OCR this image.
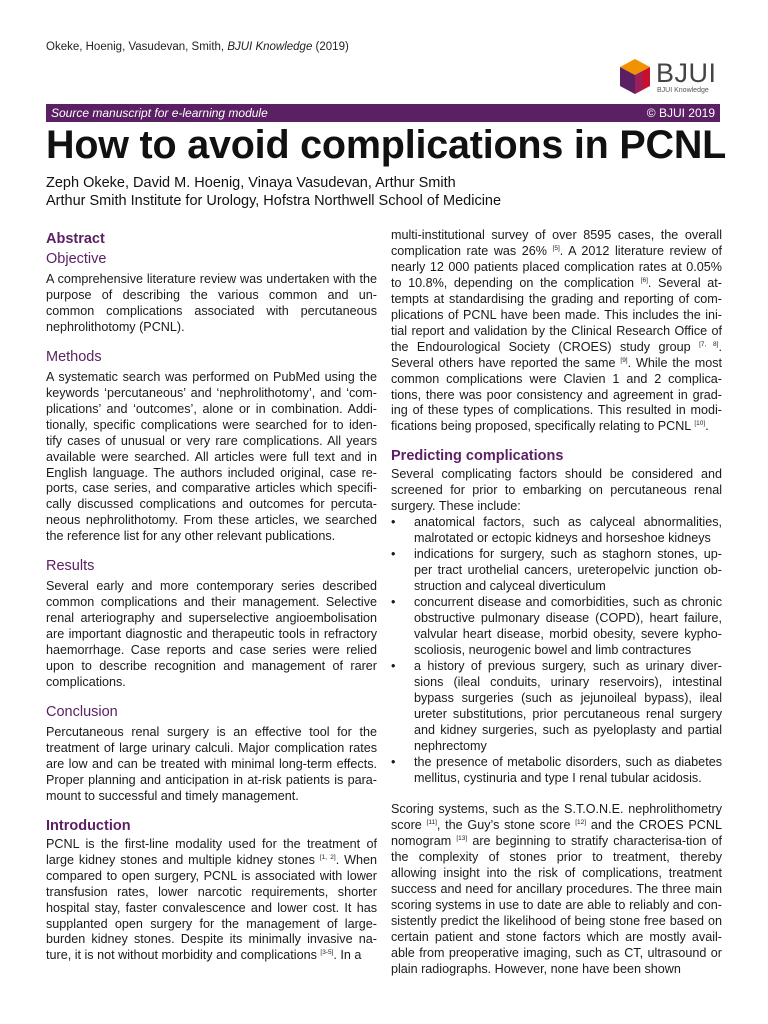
Okeke, Hoenig, Vasudevan, Smith, BJUI Knowledge (2019)
BJUI
BJUI Knowledge
Source manuscript for e-learning module	© BJUI 2019
How to avoid complications in PCNL
Zeph Okeke, David M. Hoenig, Vinaya Vasudevan, Arthur Smith
Arthur Smith Institute for Urology, Hofstra Northwell School of Medicine
Abstract
Objective

A comprehensive literature review was undertaken with the purpose of describing the various common and un-common complications associated with percutaneous nephrolithotomy (PCNL).

Methods

A systematic search was performed on PubMed using the keywords ‘percutaneous’ and ‘nephrolithotomy’, and ‘com-plications’ and ‘outcomes’, alone or in combination. Addi-tionally, specific complications were searched for to iden-tify cases of unusual or very rare complications. All years available were searched. All articles were full text and in English language. The authors included original, case re-ports, case series, and comparative articles which specifi-cally discussed complications and outcomes for percuta-neous nephrolithotomy. From these articles, we searched the reference list for any other relevant publications.

Results

Several early and more contemporary series described common complications and their management. Selective renal arteriography and superselective angioembolisation are important diagnostic and therapeutic tools in refractory haemorrhage. Case reports and case series were relied upon to describe recognition and management of rarer complications.

Conclusion

Percutaneous renal surgery is an effective tool for the treatment of large urinary calculi. Major complication rates are low and can be treated with minimal long-term effects. Proper planning and anticipation in at-risk patients is para-mount to successful and timely management.

Introduction

PCNL is the first-line modality used for the treatment of large kidney stones and multiple kidney stones [1, 2]. When compared to open surgery, PCNL is associated with lower transfusion rates, lower narcotic requirements, shorter hospital stay, faster convalescence and lower cost. It has supplanted open surgery for the management of large-burden kidney stones. Despite its minimally invasive na-ture, it is not without morbidity and complications [3-5]. In a

multi-institutional survey of over 8595 cases, the overall complication rate was 26% [5]. A 2012 literature review of nearly 12 000 patients placed complication rates at 0.05% to 10.8%, depending on the complication [6]. Several at-tempts at standardising the grading and reporting of com-plications of PCNL have been made. This includes the ini-tial report and validation by the Clinical Research Office of the Endourological Society (CROES) study group [7, 8]. Several others have reported the same [9]. While the most common complications were Clavien 1 and 2 complica-tions, there was poor consistency and agreement in grad-ing of these types of complications. This resulted in modi-fications being proposed, specifically relating to PCNL [10].

Predicting complications

Several complicating factors should be considered and screened for prior to embarking on percutaneous renal surgery. These include:

• anatomical factors, such as calyceal abnormalities, malrotated or ectopic kidneys and horseshoe kidneys
• indications for surgery, such as staghorn stones, up-per tract urothelial cancers, ureteropelvic junction ob-struction and calyceal diverticulum
• concurrent disease and comorbidities, such as chronic obstructive pulmonary disease (COPD), heart failure, valvular heart disease, morbid obesity, severe kypho-scoliosis, neurogenic bowel and limb contractures
• a history of previous surgery, such as urinary diver-sions (ileal conduits, urinary reservoirs), intestinal bypass surgeries (such as jejunoileal bypass), ileal ureter substitutions, prior percutaneous renal surgery and kidney surgeries, such as pyeloplasty and partial nephrectomy
• the presence of metabolic disorders, such as diabetes mellitus, cystinuria and type I renal tubular acidosis.

Scoring systems, such as the S.T.O.N.E. nephrolithometry score [11], the Guy’s stone score [12] and the CROES PCNL nomogram [13] are beginning to stratify characterisa-tion of the complexity of stones prior to treatment, thereby allowing insight into the risk of complications, treatment success and need for ancillary procedures. The three main scoring systems in use to date are able to reliably and con-sistently predict the likelihood of being stone free based on certain patient and stone factors which are mostly avail-able from preoperative imaging, such as CT, ultrasound or plain radiographs. However, none have been shown
